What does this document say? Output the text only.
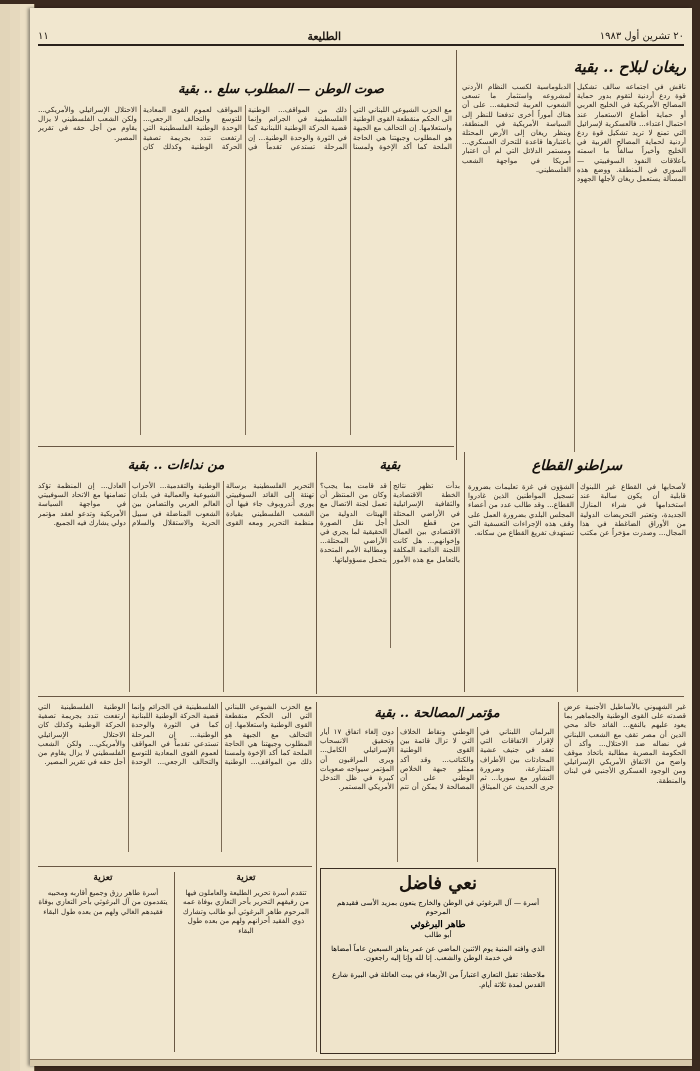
٢٠ تشرين أول ١٩٨٣
الطليعة
١١
ريغان لبلاح .. بقية
ناقش في اجتماعه سالف تشكيل قوة ردع أردنية لتقوم بدور حماية المصالح الأمريكية في الخليج العربي أو حماية أطماع الاستعمار عند احتمال اعتداء... فالعسكرية لإسرائيل التي تمنع لا تريد تشكيل قوة ردع أردنية لحماية المصالح الغربية في الخليج وأخيراً سالفاً ما اسمته بأعلاقات النفوذ السوفييتي — السوري في المنطقة. ووضع هذه المسألة يستعمل ريغان لأجلها الجهود الدبلوماسية لكسب النظام الأردني لمشروعه واستثمار ما تسعى الشعوب العربية لتحقيقه... على أن هناك أموراً أخرى تدفعنا للنظر إلى السياسة الأمريكية في المنطقة، وينظر ريغان إلى الأرض المحتلة باعتبارها قاعدة للتحرك العسكري... ومستمر الدلائل التي لم أن اعتبار أمريكا في مواجهة الشعب الفلسطيني.
صوت الوطن — المطلوب سلع .. بقية
مع الحزب الشيوعي اللبناني التي الى الحكم منقطعة القوى الوطنية واستعلامها. إن التحالف مع الجبهة هو المطلوب وجبهتنا هي الحاجة الملحة كما أكد الإخوة ولمسنا ذلك من المواقف... الوطنية الفلسطينية في الجرائم وإنما قضية الحركة الوطنية اللبنانية كما في الثورة والوحدة الوطنية... إن المرحلة تستدعي تقدماً في المواقف لعموم القوى المعادية للتوسع والتحالف الرجعي... الوحدة الوطنية الفلسطينية التي ارتفعت تندد بجريمة تصفية الحركة الوطنية وكذلك كان الاحتلال الإسرائيلي والأمريكي... ولكن الشعب الفلسطيني لا يزال يقاوم من أجل حقه في تقرير المصير.
بقية
بدأت تظهر نتائج الخطة الاقتصادية والثقافية الإسرائيلية في الأراضي المحتلة من قطع الحبل الاقتصادي بين العمال وإخوانهم... هل كانت اللجنة الدائمة المكلفة بالتعامل مع هذه الأمور قد قامت بما يجب؟ وكان من المنتظر أن تعمل لجنة الاتصال مع الهيئات الدولية من أجل نقل الصورة الحقيقية لما يجري في الأراضي المحتلة... ومطالبة الأمم المتحدة بتحمل مسؤولياتها.
من نداءات .. بقية
التحرير الفلسطينية برسالة تهنئة إلى القائد السوفييتي يوري أندروبوف جاء فيها أن الشعب الفلسطيني بقيادة منظمة التحرير ومعه القوى الوطنية والتقدمية... الأحزاب الشيوعية والعمالية في بلدان العالم العربي والتضامن بين الشعوب المناضلة في سبيل الحرية والاستقلال والسلام العادل... إن المنظمة تؤكد تضامنها مع الاتحاد السوفييتي في مواجهة السياسة الأمريكية وتدعو لعقد مؤتمر دولي يشارك فيه الجميع.
سراطنو القطاع
لأصحابها في القطاع غير اللبنوك قابلية أن يكون سالبة عند استخدامها في شراء المنازل الجديدة، وتعتبر التحريضات الدولية من الأوراق الضاغطة في هذا المجال... وصدرت مؤخراً عن مكتب الشؤون في غزة تعليمات بضرورة تسجيل المواطنين الذين غادروا القطاع... وقد طالب عدد من أعضاء المجلس البلدي بضرورة العمل على وقف هذه الإجراءات التعسفية التي تستهدف تفريغ القطاع من سكانه.
غير الشهيوني بالأساطيل الأجنبية عرض قصدته على القوى الوطنية والجماهير بما يعود عليهم بالنفع... القائد خالد محي الدين أن مصر تقف مع الشعب اللبناني في نضاله ضد الاحتلال... وأكد أن الحكومة المصرية مطالبة باتخاذ موقف واضح من الاتفاق الأمريكي الإسرائيلي ومن الوجود العسكري الأجنبي في لبنان والمنطقة.
مؤتمر المصالحة .. بقية
البرلمان اللبناني في لإقرار الاتفاقات التي تعقد في جنيف عشية المحادثات بين الأطراف المتنازعة، وضرورة التشاور مع سوريا... ثم جرى الحديث عن الميثاق الوطني ونقاط الخلاف التي لا تزال قائمة بين القوى الوطنية والكتائب... وقد أكد ممثلو جبهة الخلاص الوطني على أن المصالحة لا يمكن أن تتم دون إلغاء اتفاق ١٧ أيار وتحقيق الانسحاب الإسرائيلي الكامل... ويرى المراقبون أن المؤتمر سيواجه صعوبات كبيرة في ظل التدخل الأمريكي المستمر.
نعي فاضل
أسرة — آل البرغوثي في الوطن والخارج ينعون بمزيد الأسى فقيدهم المرحوم
طاهر البرغوثي
أبو طالب
الذي وافته المنية يوم الاثنين الماضي عن عمر يناهز السبعين عاماً أمضاها في خدمة الوطن والشعب. إنا لله وإنا إليه راجعون.
ملاحظة: تقبل التعازي اعتباراً من الأربعاء في بيت العائلة في البيرة شارع القدس لمدة ثلاثة أيام.
مع الحزب الشيوعي اللبناني التي الى الحكم منقطعة القوى الوطنية واستعلامها. إن التحالف مع الجبهة هو المطلوب وجبهتنا هي الحاجة الملحة كما أكد الإخوة ولمسنا ذلك من المواقف... الوطنية الفلسطينية في الجرائم وإنما قضية الحركة الوطنية اللبنانية كما في الثورة والوحدة الوطنية... إن المرحلة تستدعي تقدماً في المواقف لعموم القوى المعادية للتوسع والتحالف الرجعي... الوحدة الوطنية الفلسطينية التي ارتفعت تندد بجريمة تصفية الحركة الوطنية وكذلك كان الاحتلال الإسرائيلي والأمريكي... ولكن الشعب الفلسطيني لا يزال يقاوم من أجل حقه في تقرير المصير.
تعزية
أسرة طاهر رزق وجميع أقاربه ومحبيه يتقدمون من آل البرغوثي بأحر التعازي بوفاة فقيدهم الغالي ولهم من بعده طول البقاء
تعزية
تتقدم أسرة تحرير الطليعة والعاملون فيها من رفيقهم التحرير بأحر التعازي بوفاة عمه المرحوم طاهر البرغوثي أبو طالب وتشارك ذوي الفقيد أحزانهم ولهم من بعده طول البقاء
